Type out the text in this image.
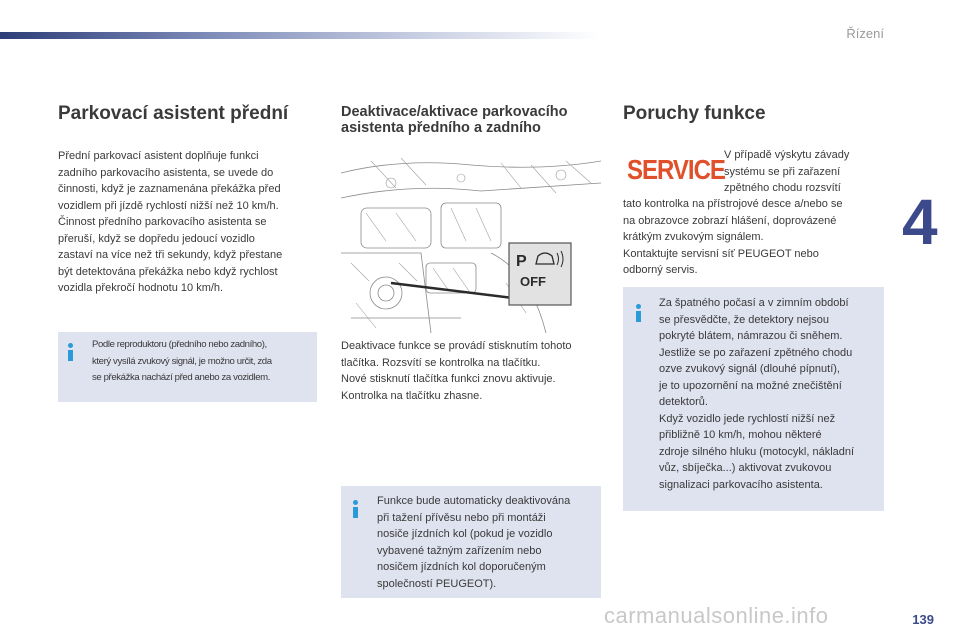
Řízení
4
Parkovací asistent přední

Přední parkovací asistent doplňuje funkci
zadního parkovacího asistenta, se uvede do
činnosti, když je zaznamenána překážka před
vozidlem při jízdě rychlostí nižší než 10 km/h.
Činnost předního parkovacího asistenta se
přeruší, když se dopředu jedoucí vozidlo
zastaví na více než tři sekundy, když přestane
být detektována překážka nebo když rychlost
vozidla překročí hodnotu 10 km/h.

Podle reproduktoru (předního nebo zadního),
který vysílá zvukový signál, je možno určit, zda
se překážka nachází před anebo za vozidlem.

Deaktivace/aktivace parkovacího
asistenta předního a zadního
P
OFF

Deaktivace funkce se provádí stisknutím tohoto
tlačítka. Rozsvítí se kontrolka na tlačítku.
Nové stisknutí tlačítka funkci znovu aktivuje.
Kontrolka na tlačítku zhasne.

Funkce bude automaticky deaktivována
při tažení přívěsu nebo při montáži
nosiče jízdních kol (pokud je vozidlo
vybavené tažným zařízením nebo
nosičem jízdních kol doporučeným
společností PEUGEOT).

Poruchy funkce
SERVICE V případě výskytu závady
systému se při zařazení
zpětného chodu rozsvítí

tato kontrolka na přístrojové desce a/nebo se
na obrazovce zobrazí hlášení, doprovázené
krátkým zvukovým signálem.
Kontaktujte servisní síť PEUGEOT nebo
odborný servis.

Za špatného počasí a v zimním období
se přesvědčte, že detektory nejsou
pokryté blátem, námrazou či sněhem.
Jestliže se po zařazení zpětného chodu
ozve zvukový signál (dlouhé pípnutí),
je to upozornění na možné znečištění
detektorů.
Když vozidlo jede rychlostí nižší než
přibližně 10 km/h, mohou některé
zdroje silného hluku (motocykl, nákladní
vůz, sbíječka...) aktivovat zvukovou
signalizaci parkovacího asistenta.

carmanualsonline.info	139
